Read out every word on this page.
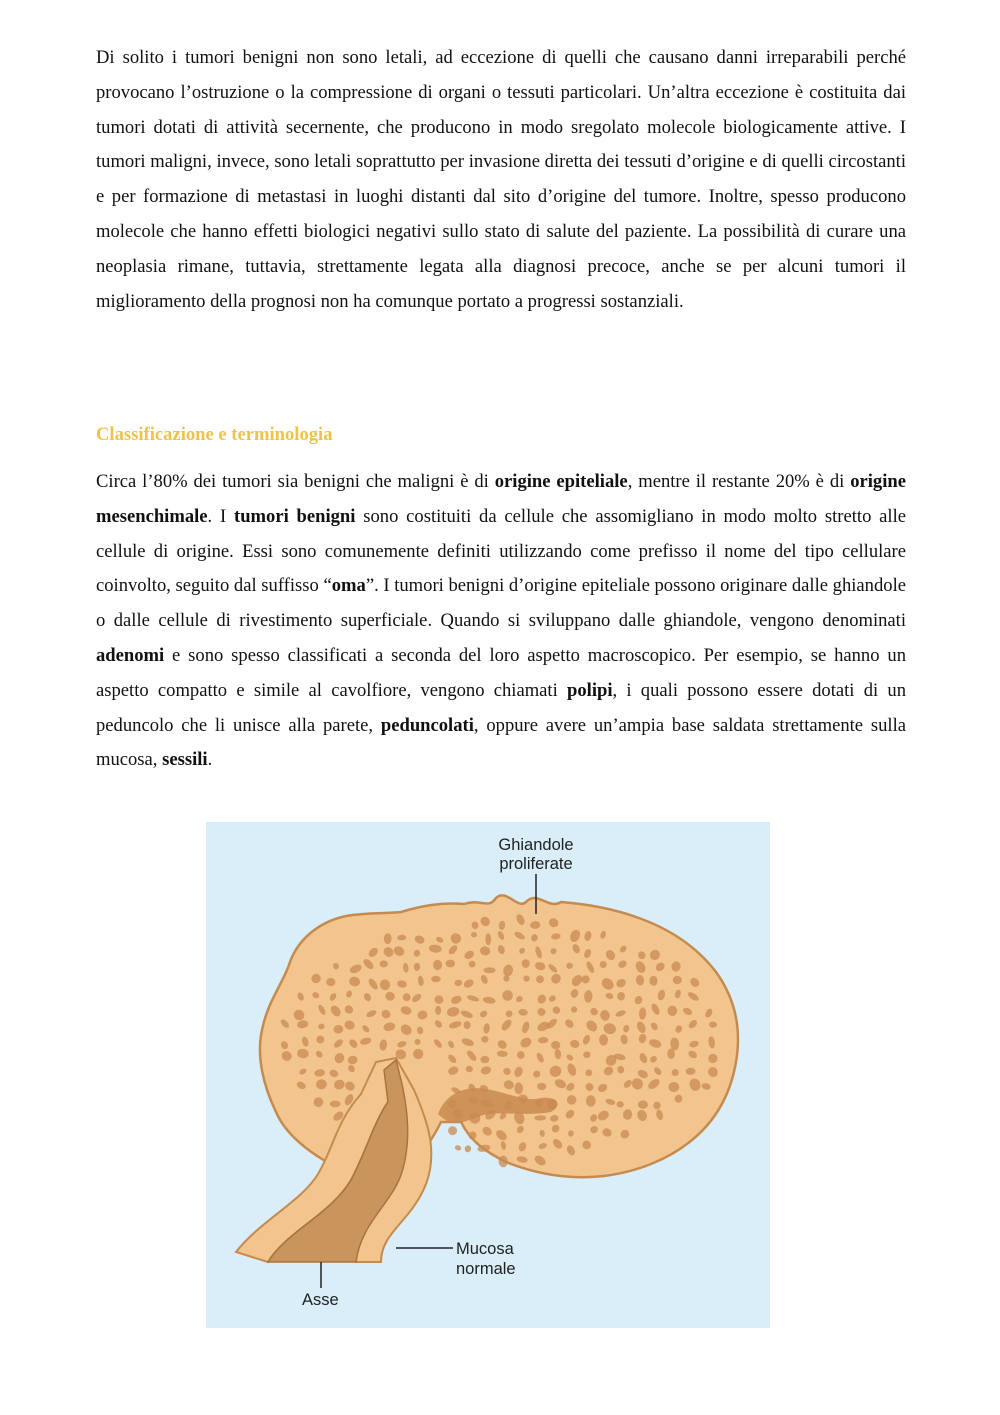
Di solito i tumori benigni non sono letali, ad eccezione di quelli che causano danni irreparabili perché provocano l’ostruzione o la compressione di organi o tessuti particolari. Un’altra eccezione è costituita dai tumori dotati di attività secernente, che producono in modo sregolato molecole biologicamente attive. I tumori maligni, invece, sono letali soprattutto per invasione diretta dei tessuti d’origine e di quelli circostanti e per formazione di metastasi in luoghi distanti dal sito d’origine del tumore. Inoltre, spesso producono molecole che hanno effetti biologici negativi sullo stato di salute del paziente. La possibilità di curare una neoplasia rimane, tuttavia, strettamente legata alla diagnosi precoce, anche se per alcuni tumori il miglioramento della prognosi non ha comunque portato a progressi sostanziali.

Classificazione e terminologia

Circa l’80% dei tumori sia benigni che maligni è di origine epiteliale, mentre il restante 20% è di origine mesenchimale. I tumori benigni sono costituiti da cellule che assomigliano in modo molto stretto alle cellule di origine. Essi sono comunemente definiti utilizzando come prefisso il nome del tipo cellulare coinvolto, seguito dal suffisso “oma”. I tumori benigni d’origine epiteliale possono originare dalle ghiandole o dalle cellule di rivestimento superficiale. Quando si sviluppano dalle ghiandole, vengono denominati adenomi e sono spesso classificati a seconda del loro aspetto macroscopico. Per esempio, se hanno un aspetto compatto e simile al cavolfiore, vengono chiamati polipi, i quali possono essere dotati di un peduncolo che li unisce alla parete, peduncolati, oppure avere un’ampia base saldata strettamente sulla mucosa, sessili.

Ghiandole
proliferate
Mucosa
normale
Asse
